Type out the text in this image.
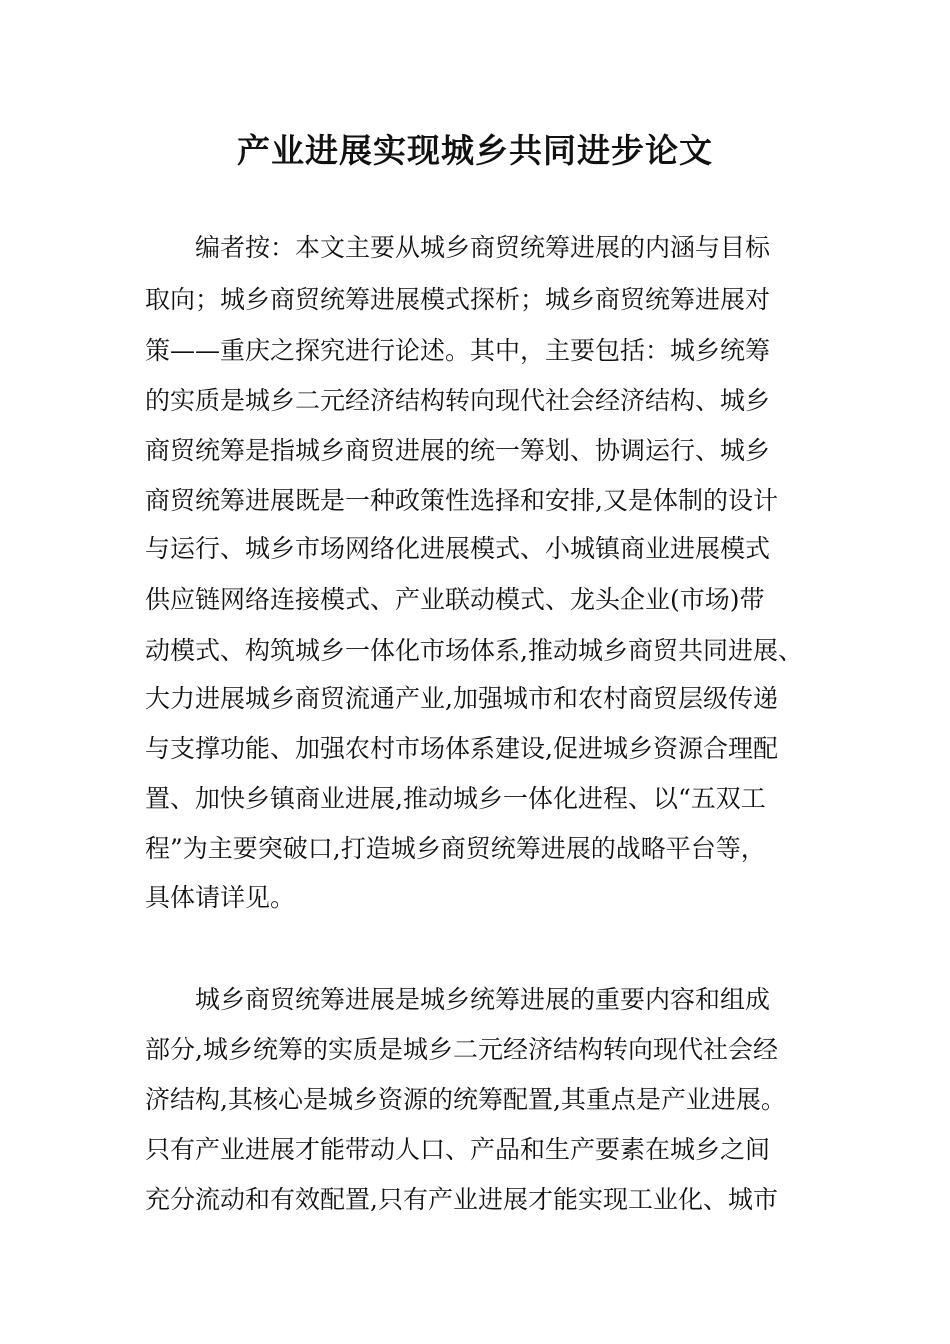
产业进展实现城乡共同进步论文

编者按：本文主要从城乡商贸统筹进展的内涵与目标

取向；城乡商贸统筹进展模式探析；城乡商贸统筹进展对

策——重庆之探究进行论述。其中，主要包括：城乡统筹

的实质是城乡二元经济结构转向现代社会经济结构、城乡

商贸统筹是指城乡商贸进展的统一筹划、协调运行、城乡

商贸统筹进展既是一种政策性选择和安排,又是体制的设计

与运行、城乡市场网络化进展模式、小城镇商业进展模式

供应链网络连接模式、产业联动模式、龙头企业(市场)带

动模式、构筑城乡一体化市场体系,推动城乡商贸共同进展、

大力进展城乡商贸流通产业,加强城市和农村商贸层级传递

与支撑功能、加强农村市场体系建设,促进城乡资源合理配

置、加快乡镇商业进展,推动城乡一体化进程、以“五双工

程”为主要突破口,打造城乡商贸统筹进展的战略平台等，

具体请详见。

城乡商贸统筹进展是城乡统筹进展的重要内容和组成

部分,城乡统筹的实质是城乡二元经济结构转向现代社会经

济结构,其核心是城乡资源的统筹配置,其重点是产业进展。

只有产业进展才能带动人口、产品和生产要素在城乡之间

充分流动和有效配置,只有产业进展才能实现工业化、城市
